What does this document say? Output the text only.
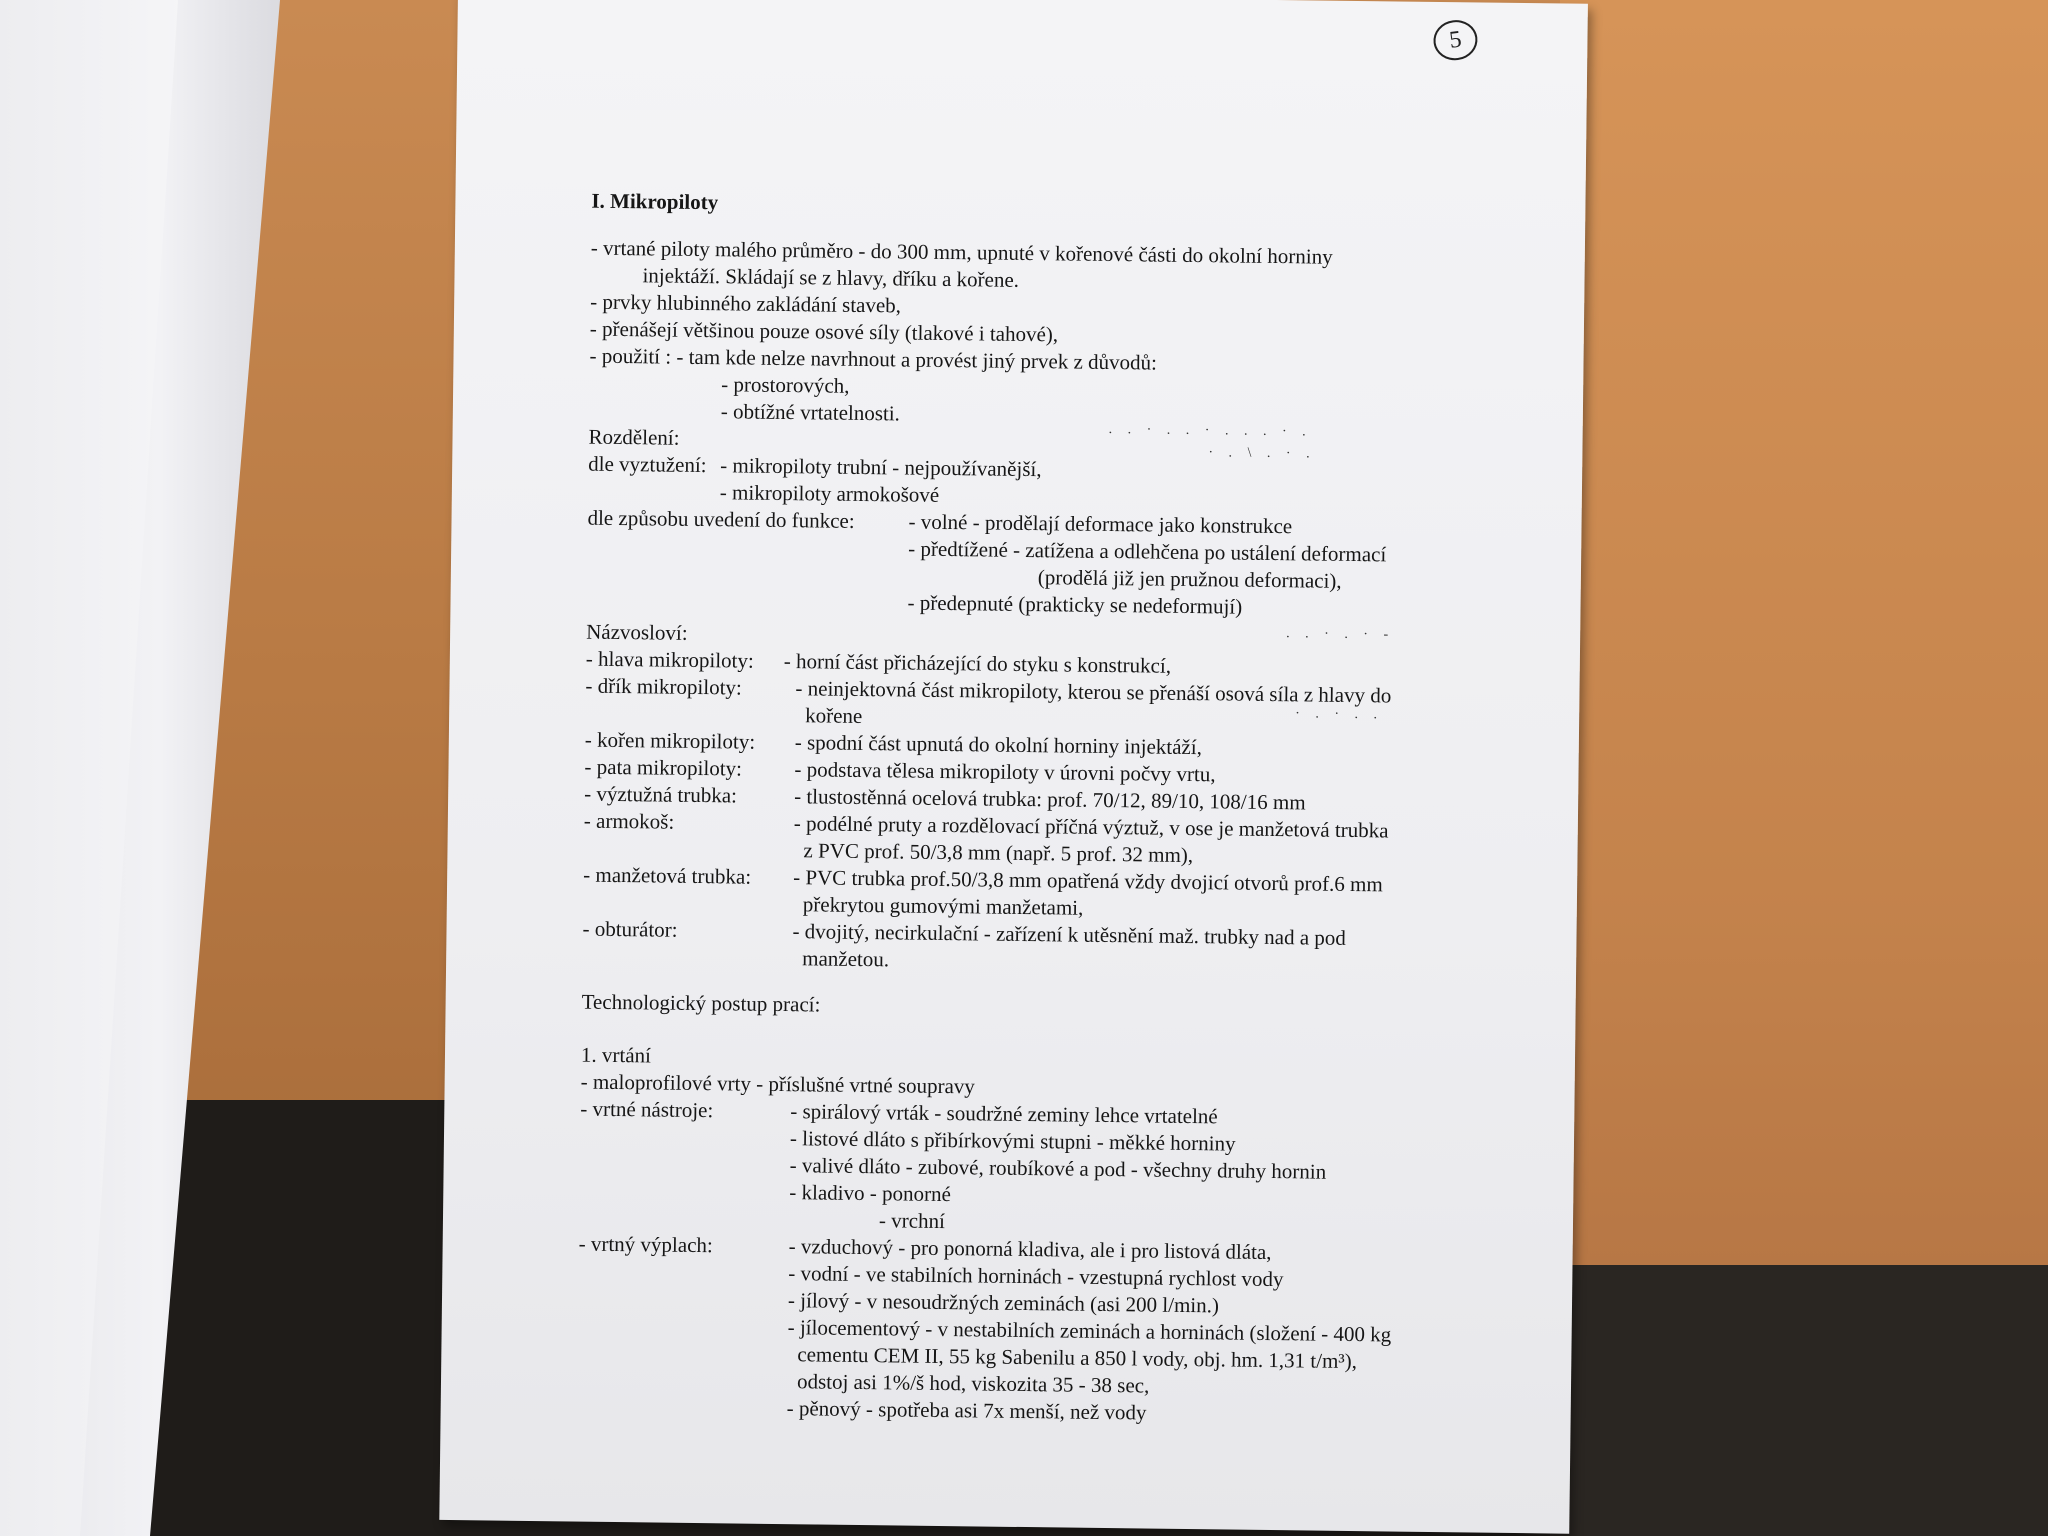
5
I. Mikropiloty
- vrtané piloty malého průměro - do 300 mm, upnuté v kořenové části do okolní horniny
injektáží. Skládají se z hlavy, dříku a kořene.
- prvky hlubinného zakládání staveb,
- přenášejí většinou pouze osové síly (tlakové i tahové),
- použití : - tam kde nelze navrhnout a provést jiný prvek z důvodů:
- prostorových,
- obtížné vrtatelnosti.
Rozdělení:
dle vyztužení: - mikropiloty trubní - nejpoužívanější,
- mikropiloty armokošové
dle způsobu uvedení do funkce:	- volné - prodělají deformace jako konstrukce
- předtížené - zatížena a odlehčena po ustálení deformací
(prodělá již jen pružnou deformaci),
- předepnuté (prakticky se nedeformují)
Názvosloví:
- hlava mikropiloty: - horní část přicházející do styku s konstrukcí,
- dřík mikropiloty:	- neinjektovná část mikropiloty, kterou se přenáší osová síla z hlavy do
kořene
- kořen mikropiloty: - spodní část upnutá do okolní horniny injektáží,
- pata mikropiloty: - podstava tělesa mikropiloty v úrovni počvy vrtu,
- výztužná trubka:	- tlustostěnná ocelová trubka: prof. 70/12, 89/10, 108/16 mm
- armokoš:	- podélné pruty a rozdělovací příčná výztuž, v ose je manžetová trubka
z PVC prof. 50/3,8 mm (např. 5 prof. 32 mm),
- manžetová trubka: - PVC trubka prof.50/3,8 mm opatřená vždy dvojicí otvorů prof.6 mm
překrytou gumovými manžetami,
- obturátor:	- dvojitý, necirkulační - zařízení k utěsnění maž. trubky nad a pod
manžetou.
Technologický postup prací:
1. vrtání
- maloprofilové vrty - příslušné vrtné soupravy
- vrtné nástroje:	- spirálový vrták - soudržné zeminy lehce vrtatelné
- listové dláto s přibírkovými stupni - měkké horniny
- valivé dláto - zubové, roubíkové a pod - všechny druhy hornin
- kladivo - ponorné
- vrchní
- vrtný výplach:	- vzduchový - pro ponorná kladiva, ale i pro listová dláta,
- vodní - ve stabilních horninách - vzestupná rychlost vody
- jílový - v nesoudržných zeminách (asi 200 l/min.)
- jílocementový - v nestabilních zeminách a horninách (složení - 400 kg
cementu CEM II, 55 kg Sabenilu a 850 l vody, obj. hm. 1,31 t/m³),
odstoj asi 1%/š hod, viskozita 35 - 38 sec,
- pěnový - spotřeba asi 7x menší, než vody
. . · . . · . . . · .
· . \ . · .
. . · . · -
· . · . .
